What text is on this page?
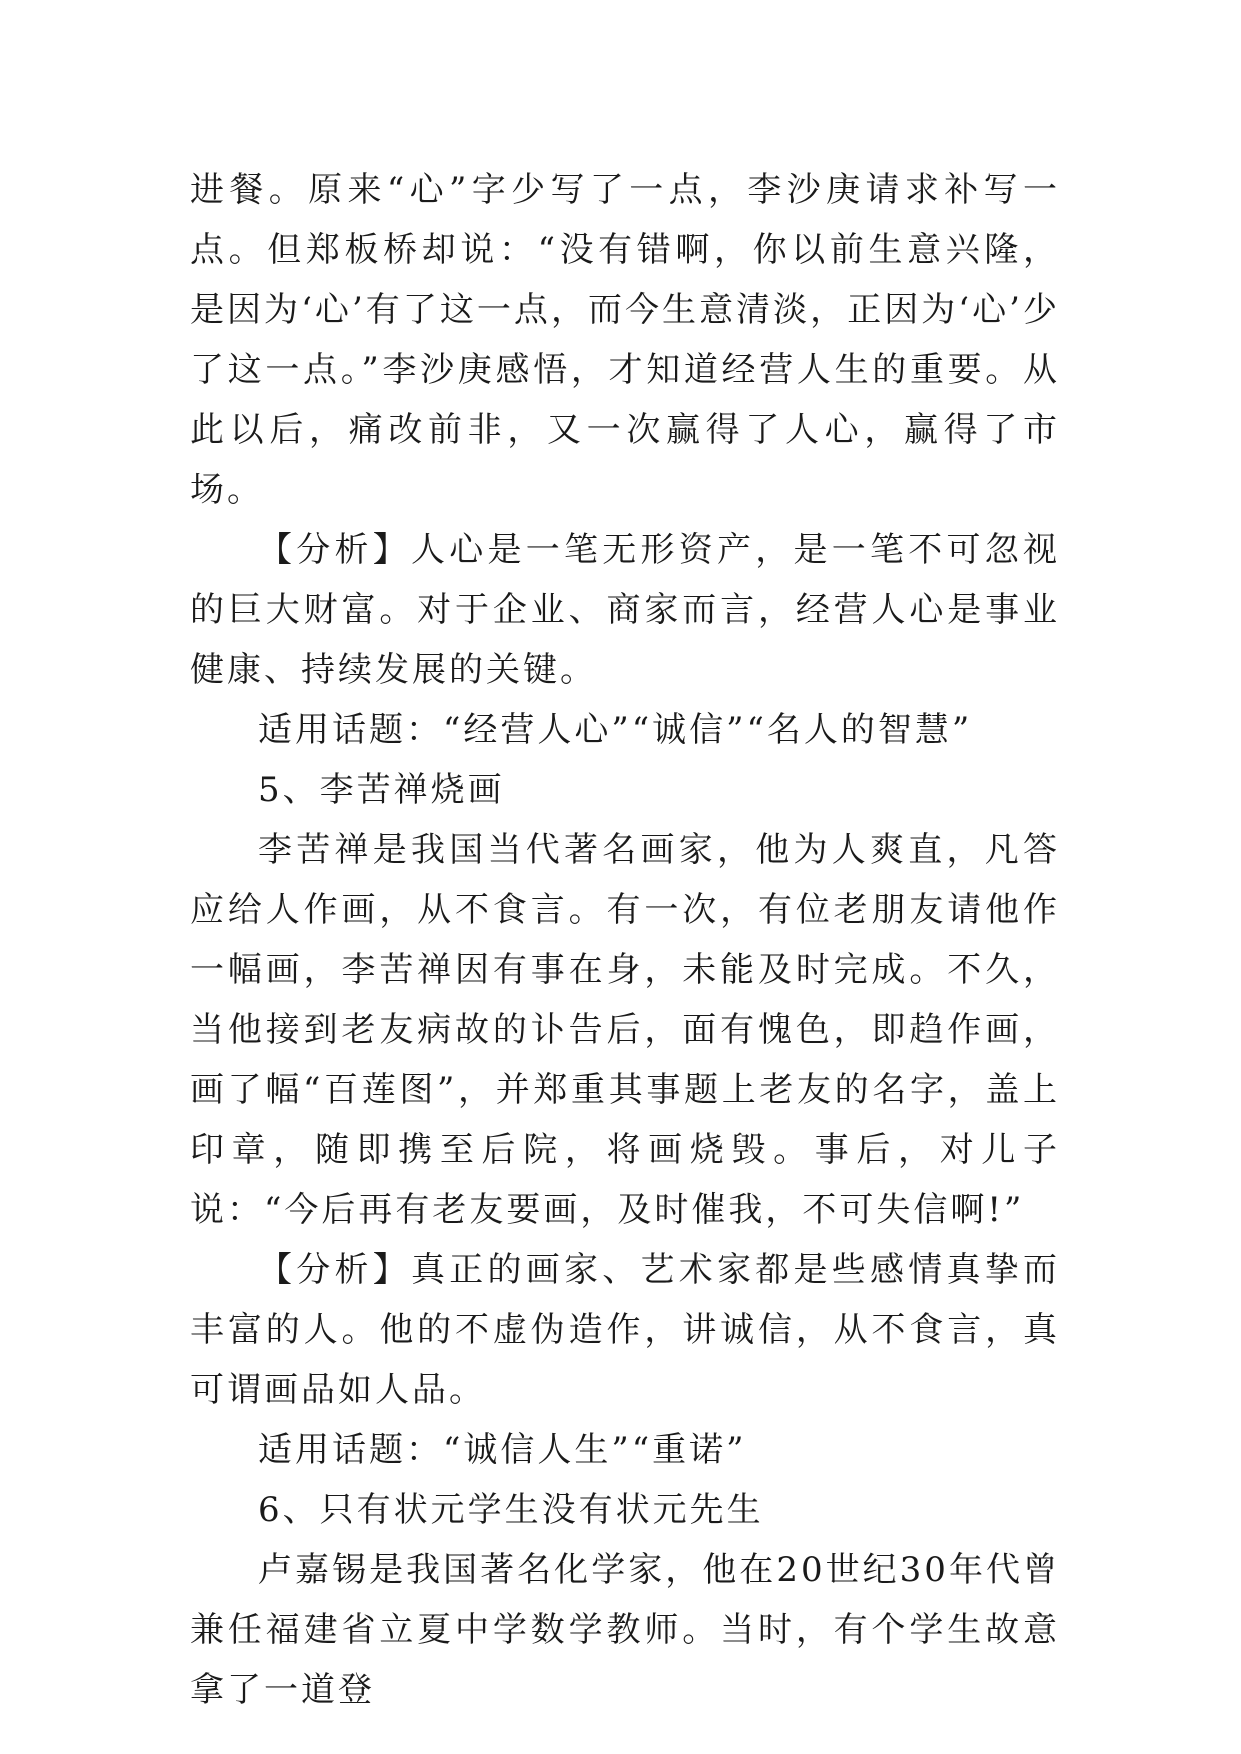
进餐。原来“心”字少写了一点，李沙庚请求补写一点。但郑板桥却说：“没有错啊，你以前生意兴隆，是因为‘心’有了这一点，而今生意清淡，正因为‘心’少了这一点。”李沙庚感悟，才知道经营人生的重要。从此以后，痛改前非，又一次赢得了人心，赢得了市场。

【分析】人心是一笔无形资产，是一笔不可忽视的巨大财富。对于企业、商家而言，经营人心是事业健康、持续发展的关键。

适用话题：“经营人心”“诚信”“名人的智慧”

5、李苦禅烧画

李苦禅是我国当代著名画家，他为人爽直，凡答应给人作画，从不食言。有一次，有位老朋友请他作一幅画，李苦禅因有事在身，未能及时完成。不久，当他接到老友病故的讣告后，面有愧色，即趋作画，画了幅“百莲图”，并郑重其事题上老友的名字，盖上印章，随即携至后院，将画烧毁。事后，对儿子说：“今后再有老友要画，及时催我，不可失信啊!”

【分析】真正的画家、艺术家都是些感情真挚而丰富的人。他的不虚伪造作，讲诚信，从不食言，真可谓画品如人品。

适用话题：“诚信人生”“重诺”

6、只有状元学生没有状元先生

卢嘉锡是我国著名化学家，他在20世纪30年代曾兼任福建省立夏中学数学教师。当时，有个学生故意拿了一道登
